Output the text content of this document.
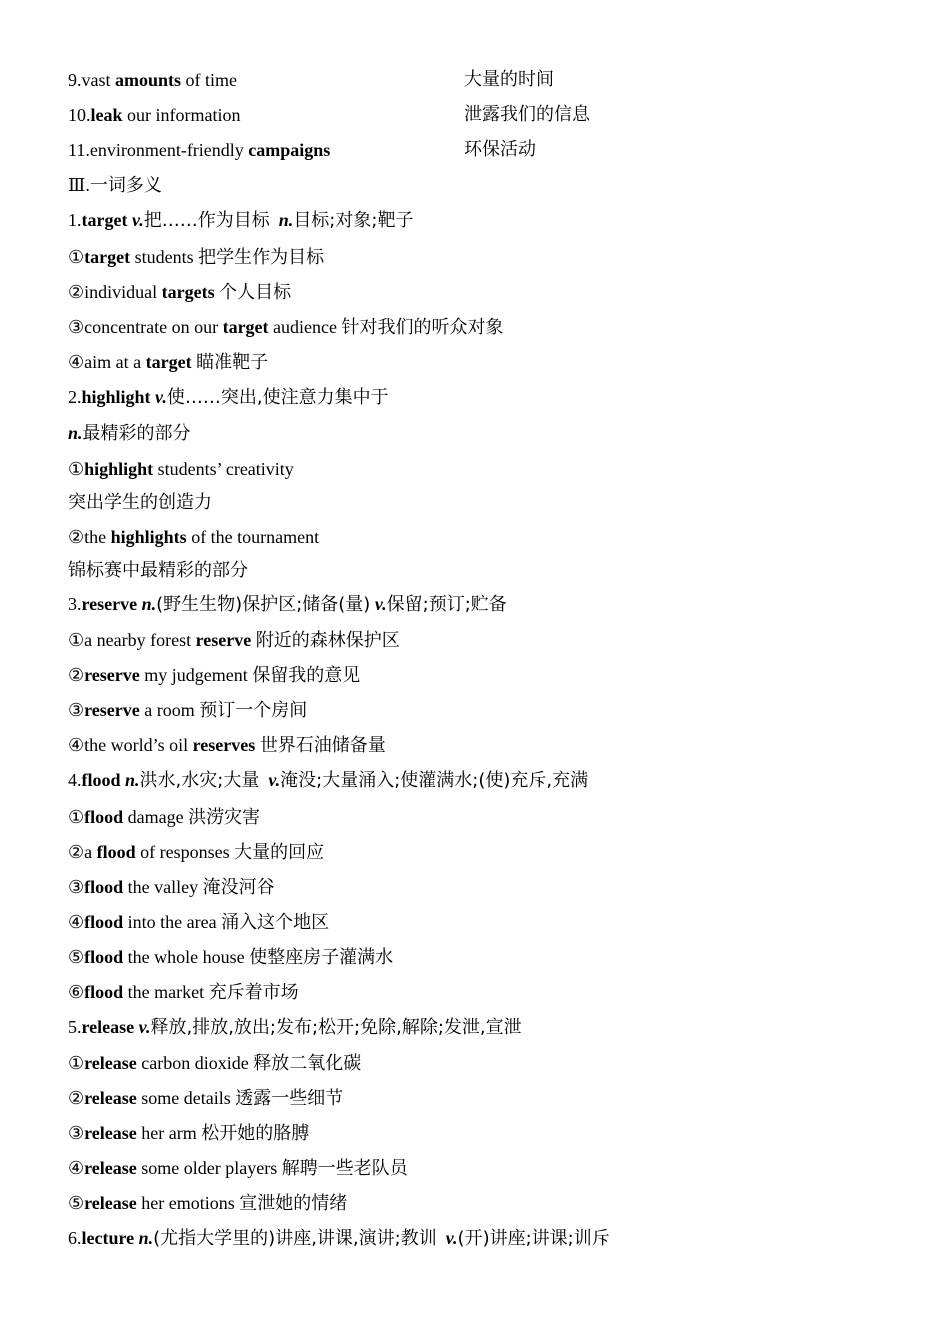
9.vast amounts of time	大量的时间
10.leak our information	泄露我们的信息
11.environment-friendly campaigns	环保活动
Ⅲ.一词多义
1.target v.把……作为目标 n.目标;对象;靶子
①target students 把学生作为目标
②individual targets 个人目标
③concentrate on our target audience 针对我们的听众对象
④aim at a target 瞄准靶子
2.highlight v.使……突出,使注意力集中于
n.最精彩的部分
①highlight students’ creativity
突出学生的创造力
②the highlights of the tournament
锦标赛中最精彩的部分
3.reserve n.(野生生物)保护区;储备(量) v.保留;预订;贮备
①a nearby forest reserve 附近的森林保护区
②reserve my judgement 保留我的意见
③reserve a room 预订一个房间
④the world’s oil reserves 世界石油储备量
4.flood n.洪水,水灾;大量 v.淹没;大量涌入;使灌满水;(使)充斥,充满
①flood damage 洪涝灾害
②a flood of responses 大量的回应
③flood the valley 淹没河谷
④flood into the area 涌入这个地区
⑤flood the whole house 使整座房子灌满水
⑥flood the market 充斥着市场
5.release v.释放,排放,放出;发布;松开;免除,解除;发泄,宣泄
①release carbon dioxide 释放二氧化碳
②release some details 透露一些细节
③release her arm 松开她的胳膊
④release some older players 解聘一些老队员
⑤release her emotions 宣泄她的情绪
6.lecture n.(尤指大学里的)讲座,讲课,演讲;教训 v.(开)讲座;讲课;训斥
